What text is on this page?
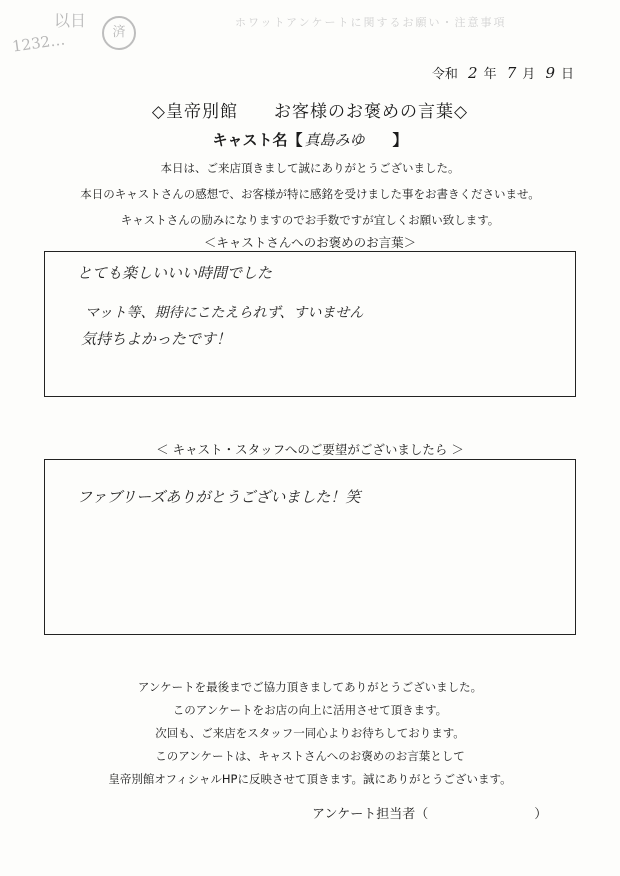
以日
1232…	済
ホワットアンケートに関するお願い・注意事項
令和 2 年 7 月 9 日
◇皇帝別館　　お客様のお褒めの言葉◇
キャスト名【 真島みゆ 】
本日は、ご来店頂きまして誠にありがとうございました。
本日のキャストさんの感想で、お客様が特に感銘を受けました事をお書きくださいませ。
キャストさんの励みになりますのでお手数ですが宜しくお願い致します。
＜キャストさんへのお褒めのお言葉＞
とても楽しいいい時間でした
マット等、期待にこたえられず、すいません
気持ちよかったです！
＜ キャスト・スタッフへのご要望がございましたら ＞
ファブリーズありがとうございました！笑
アンケートを最後までご協力頂きましてありがとうございました。
このアンケートをお店の向上に活用させて頂きます。
次回も、ご来店をスタッフ一同心よりお待ちしております。
このアンケートは、キャストさんへのお褒めのお言葉として
皇帝別館オフィシャルHPに反映させて頂きます。誠にありがとうございます。
アンケート担当者（	）
